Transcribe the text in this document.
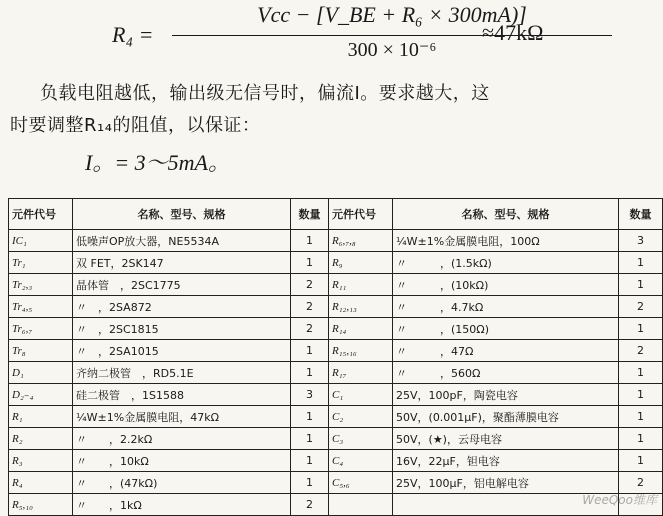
R₄ =
Vcc − [V_BE + R₆ × 300mA)]
300 × 10⁻⁶
≈47kΩ
负载电阻越低，输出级无信号时，偏流I。要求越大，这
时要调整R₁₄的阻值，以保证：
I。= 3～5mA。
元件代号	名称、型号、规格	数量	元件代号	名称、型号、规格	数量
IC₁	低噪声OP放大器，NE5534A	1	R₆,₇,₈	¼W±1%金属膜电阻，100Ω	3
Tr₁	双 FET，2SK147	1	R₉	〃　　　，(1.5kΩ)	1
Tr₂,₃	晶体管　，2SC1775	2	R₁₁	〃　　　，(10kΩ)	1
Tr₄,₅	〃　，2SA872	2	R₁₂,₁₃	〃　　　，4.7kΩ	2
Tr₆,₇	〃　，2SC1815	2	R₁₄	〃　　　，(150Ω)	1
Tr₈	〃　，2SA1015	1	R₁₅,₁₆	〃　　　，47Ω	2
D₁	齐纳二极管　，RD5.1E	1	R₁₇	〃　　　，560Ω	1
D₂₋₄	硅二极管　，1S1588	3	C₁	25V，100pF，陶瓷电容	1
R₁	¼W±1%金属膜电阻，47kΩ	1	C₂	50V，(0.001μF)，聚酯薄膜电容	1
R₂	〃　　，2.2kΩ	1	C₃	50V，(★)，云母电容	1
R₃	〃　　，10kΩ	1	C₄	16V，22μF，钽电容	1
R₄	〃　　，(47kΩ)	1	C₅,₆	25V，100μF，铝电解电容	2
R₅,₁₀	〃　　，1kΩ	2				WeeQoo维库
